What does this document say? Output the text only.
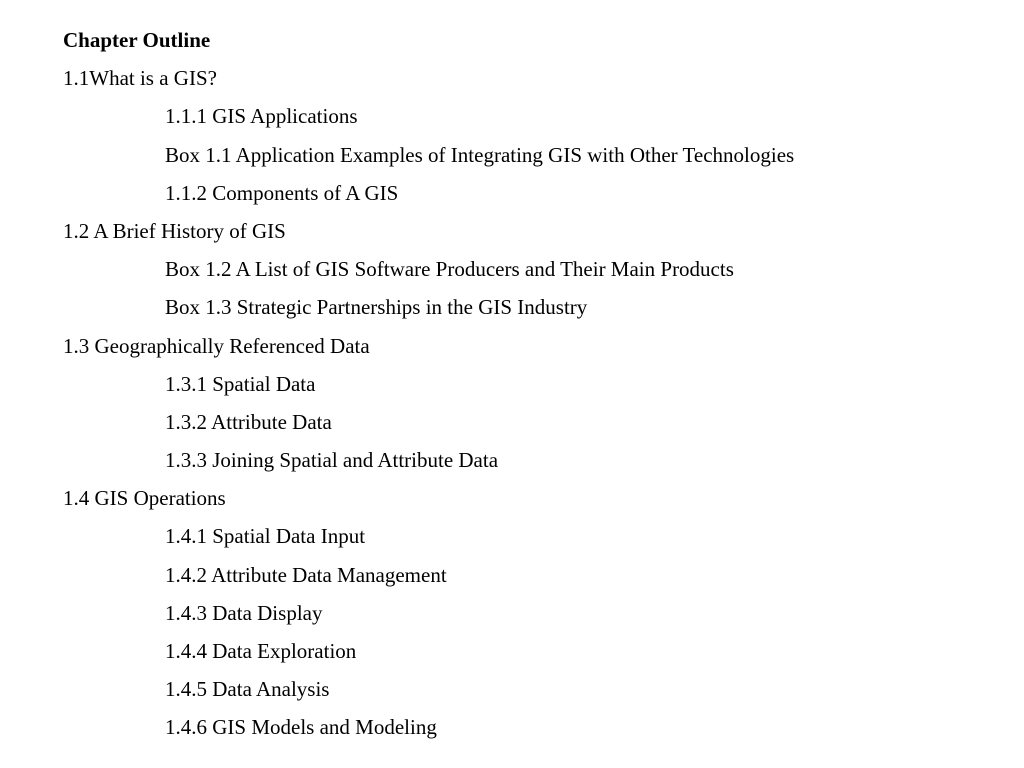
Chapter Outline
1.1What is a GIS?
1.1.1 GIS Applications
Box 1.1 Application Examples of Integrating GIS with Other Technologies
1.1.2 Components of A GIS
1.2 A Brief History of GIS
Box 1.2 A List of GIS Software Producers and Their Main Products
Box 1.3 Strategic Partnerships in the GIS Industry
1.3 Geographically Referenced Data
1.3.1 Spatial Data
1.3.2 Attribute Data
1.3.3 Joining Spatial and Attribute Data
1.4 GIS Operations
1.4.1 Spatial Data Input
1.4.2 Attribute Data Management
1.4.3 Data Display
1.4.4 Data Exploration
1.4.5 Data Analysis
1.4.6 GIS Models and Modeling
